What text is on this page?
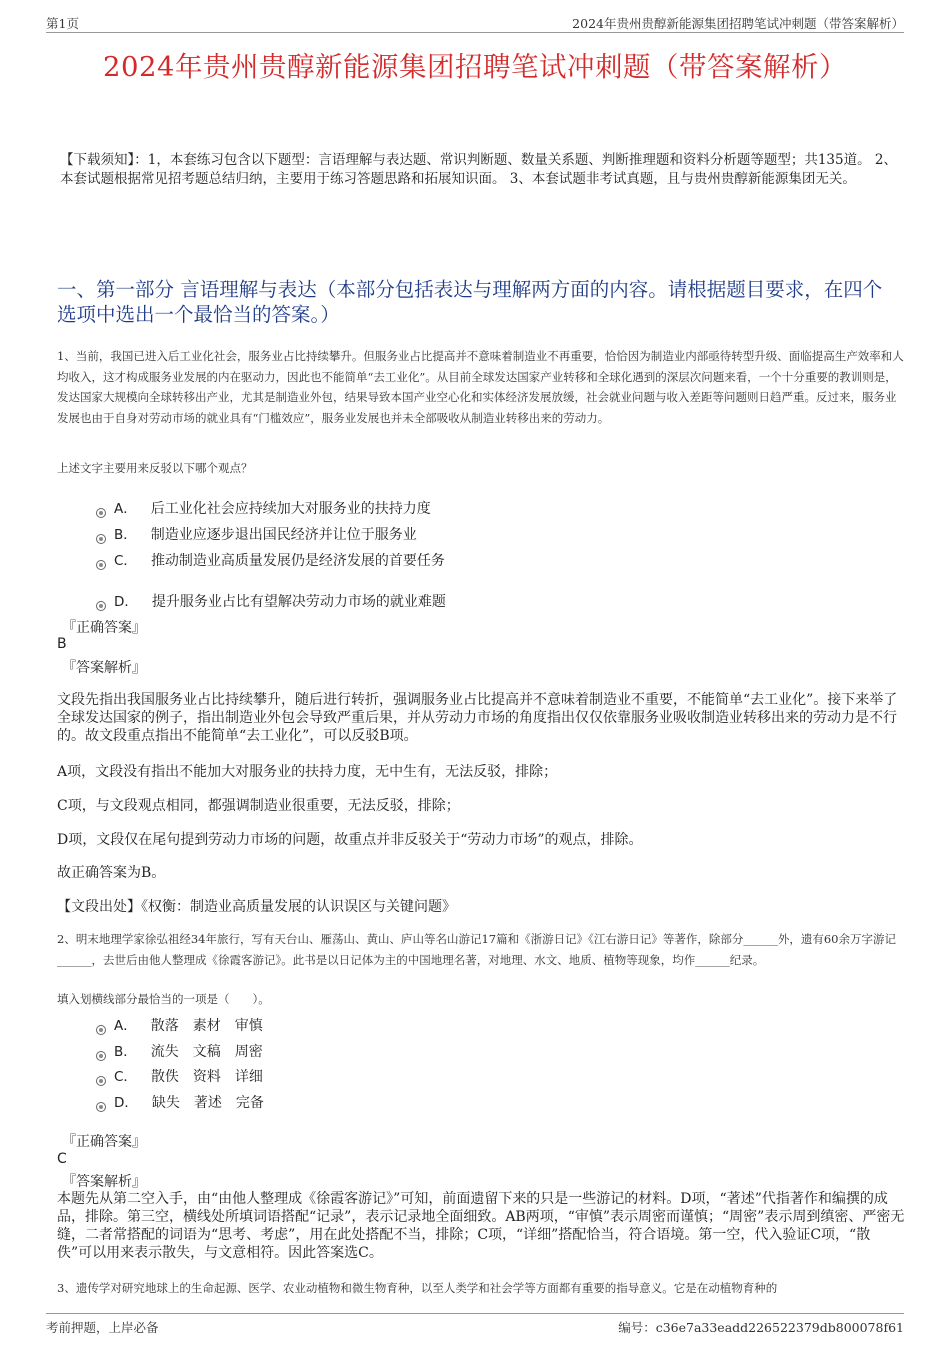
第1页	2024年贵州贵醇新能源集团招聘笔试冲刺题（带答案解析）
2024年贵州贵醇新能源集团招聘笔试冲刺题（带答案解析）
【下载须知】：1，本套练习包含以下题型：言语理解与表达题、常识判断题、数量关系题、判断推理题和资料分析题等题型；共135道。 2、本套试题根据常见招考题总结归纳，主要用于练习答题思路和拓展知识面。 3、本套试题非考试真题，且与贵州贵醇新能源集团无关。
一、第一部分 言语理解与表达（本部分包括表达与理解两方面的内容。请根据题目要求，在四个选项中选出一个最恰当的答案。）
1、当前，我国已进入后工业化社会，服务业占比持续攀升。但服务业占比提高并不意味着制造业不再重要，恰恰因为制造业内部亟待转型升级、面临提高生产效率和人均收入，这才构成服务业发展的内在驱动力，因此也不能简单“去工业化”。从目前全球发达国家产业转移和全球化遇到的深层次问题来看，一个十分重要的教训则是，发达国家大规模向全球转移出产业，尤其是制造业外包，结果导致本国产业空心化和实体经济发展放缓，社会就业问题与收入差距等问题则日趋严重。反过来，服务业发展也由于自身对劳动市场的就业具有“门槛效应”，服务业发展也并未全部吸收从制造业转移出来的劳动力。
上述文字主要用来反驳以下哪个观点？
A． 后工业化社会应持续加大对服务业的扶持力度
B． 制造业应逐步退出国民经济并让位于服务业
C． 推动制造业高质量发展仍是经济发展的首要任务
D． 提升服务业占比有望解决劳动力市场的就业难题
『正确答案』
B
『答案解析』
文段先指出我国服务业占比持续攀升，随后进行转折，强调服务业占比提高并不意味着制造业不重要，不能简单“去工业化”。接下来举了全球发达国家的例子，指出制造业外包会导致严重后果，并从劳动力市场的角度指出仅仅依靠服务业吸收制造业转移出来的劳动力是不行的。故文段重点指出不能简单“去工业化”，可以反驳B项。
A项，文段没有指出不能加大对服务业的扶持力度，无中生有，无法反驳，排除；
C项，与文段观点相同，都强调制造业很重要，无法反驳，排除；
D项，文段仅在尾句提到劳动力市场的问题，故重点并非反驳关于“劳动力市场”的观点，排除。
故正确答案为B。
【文段出处】《权衡：制造业高质量发展的认识误区与关键问题》
2、明末地理学家徐弘祖经34年旅行，写有天台山、雁荡山、黄山、庐山等名山游记17篇和《浙游日记》《江右游日记》等著作，除部分______外，遗有60余万字游记______，去世后由他人整理成《徐霞客游记》。此书是以日记体为主的中国地理名著，对地理、水文、地质、植物等现象，均作______纪录。
填入划横线部分最恰当的一项是（　　）。
A． 散落　素材　审慎
B． 流失　文稿　周密
C． 散佚　资料　详细
D． 缺失　著述　完备
『正确答案』
C
『答案解析』
本题先从第二空入手，由“由他人整理成《徐霞客游记》”可知，前面遗留下来的只是一些游记的材料。D项，“著述”代指著作和编撰的成品，排除。第三空，横线处所填词语搭配“记录”，表示记录地全面细致。AB两项，“审慎”表示周密而谨慎；“周密”表示周到缜密、严密无缝，二者常搭配的词语为“思考、考虑”，用在此处搭配不当，排除；C项，“详细”搭配恰当，符合语境。第一空，代入验证C项，“散佚”可以用来表示散失，与文意相符。因此答案选C。
3、遗传学对研究地球上的生命起源、医学、农业动植物和微生物育种，以至人类学和社会学等方面都有重要的指导意义。它是在动植物育种的
考前押题，上岸必备	编号：c36e7a33eadd226522379db800078f61
